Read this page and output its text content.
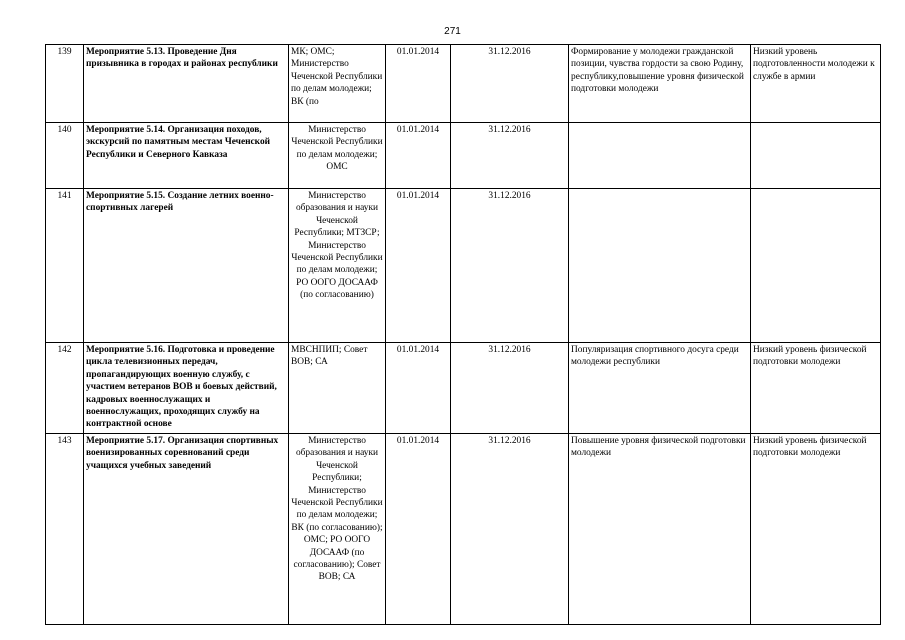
271
139	Мероприятие 5.13. Проведение Дня призывника в городах и районах республики	МК; ОМС; Министерство Чеченской Республики по делам молодежи; ВК (по	01.01.2014	31.12.2016	Формирование у молодежи гражданской позиции, чувства гордости за свою Родину, республику,повышение уровня физической подготовки молодежи	Низкий уровень подготовленности молодежи к службе в армии
140	Мероприятие 5.14. Организация походов, экскурсий по памятным местам Чеченской Республики и Северного Кавказа	Министерство Чеченской Республики по делам молодежи; ОМС	01.01.2014	31.12.2016		
141	Мероприятие 5.15. Создание летних военно-спортивных лагерей	Министерство образования и науки Чеченской Республики; МТЗСР; Министерство Чеченской Республики по делам молодежи; РО ООГО ДОСААФ (по согласованию)	01.01.2014	31.12.2016		
142	Мероприятие 5.16. Подготовка и проведение цикла телевизионных передач, пропагандирующих военную службу, с участием ветеранов ВОВ и боевых действий, кадровых военнослужащих и военнослужащих, проходящих службу на контрактной основе	МВСНПИП; Совет ВОВ; СА	01.01.2014	31.12.2016	Популяризация спортивного досуга среди молодежи республики	Низкий уровень физической подготовки молодежи
143	Мероприятие 5.17. Организация спортивных военизированных соревнований среди учащихся учебных заведений	Министерство образования и науки Чеченской Республики; Министерство Чеченской Республики по делам молодежи; ВК (по согласованию); ОМС; РО ООГО ДОСААФ (по согласованию); Совет ВОВ; СА	01.01.2014	31.12.2016	Повышение уровня физической подготовки молодежи	Низкий уровень физической подготовки молодежи
